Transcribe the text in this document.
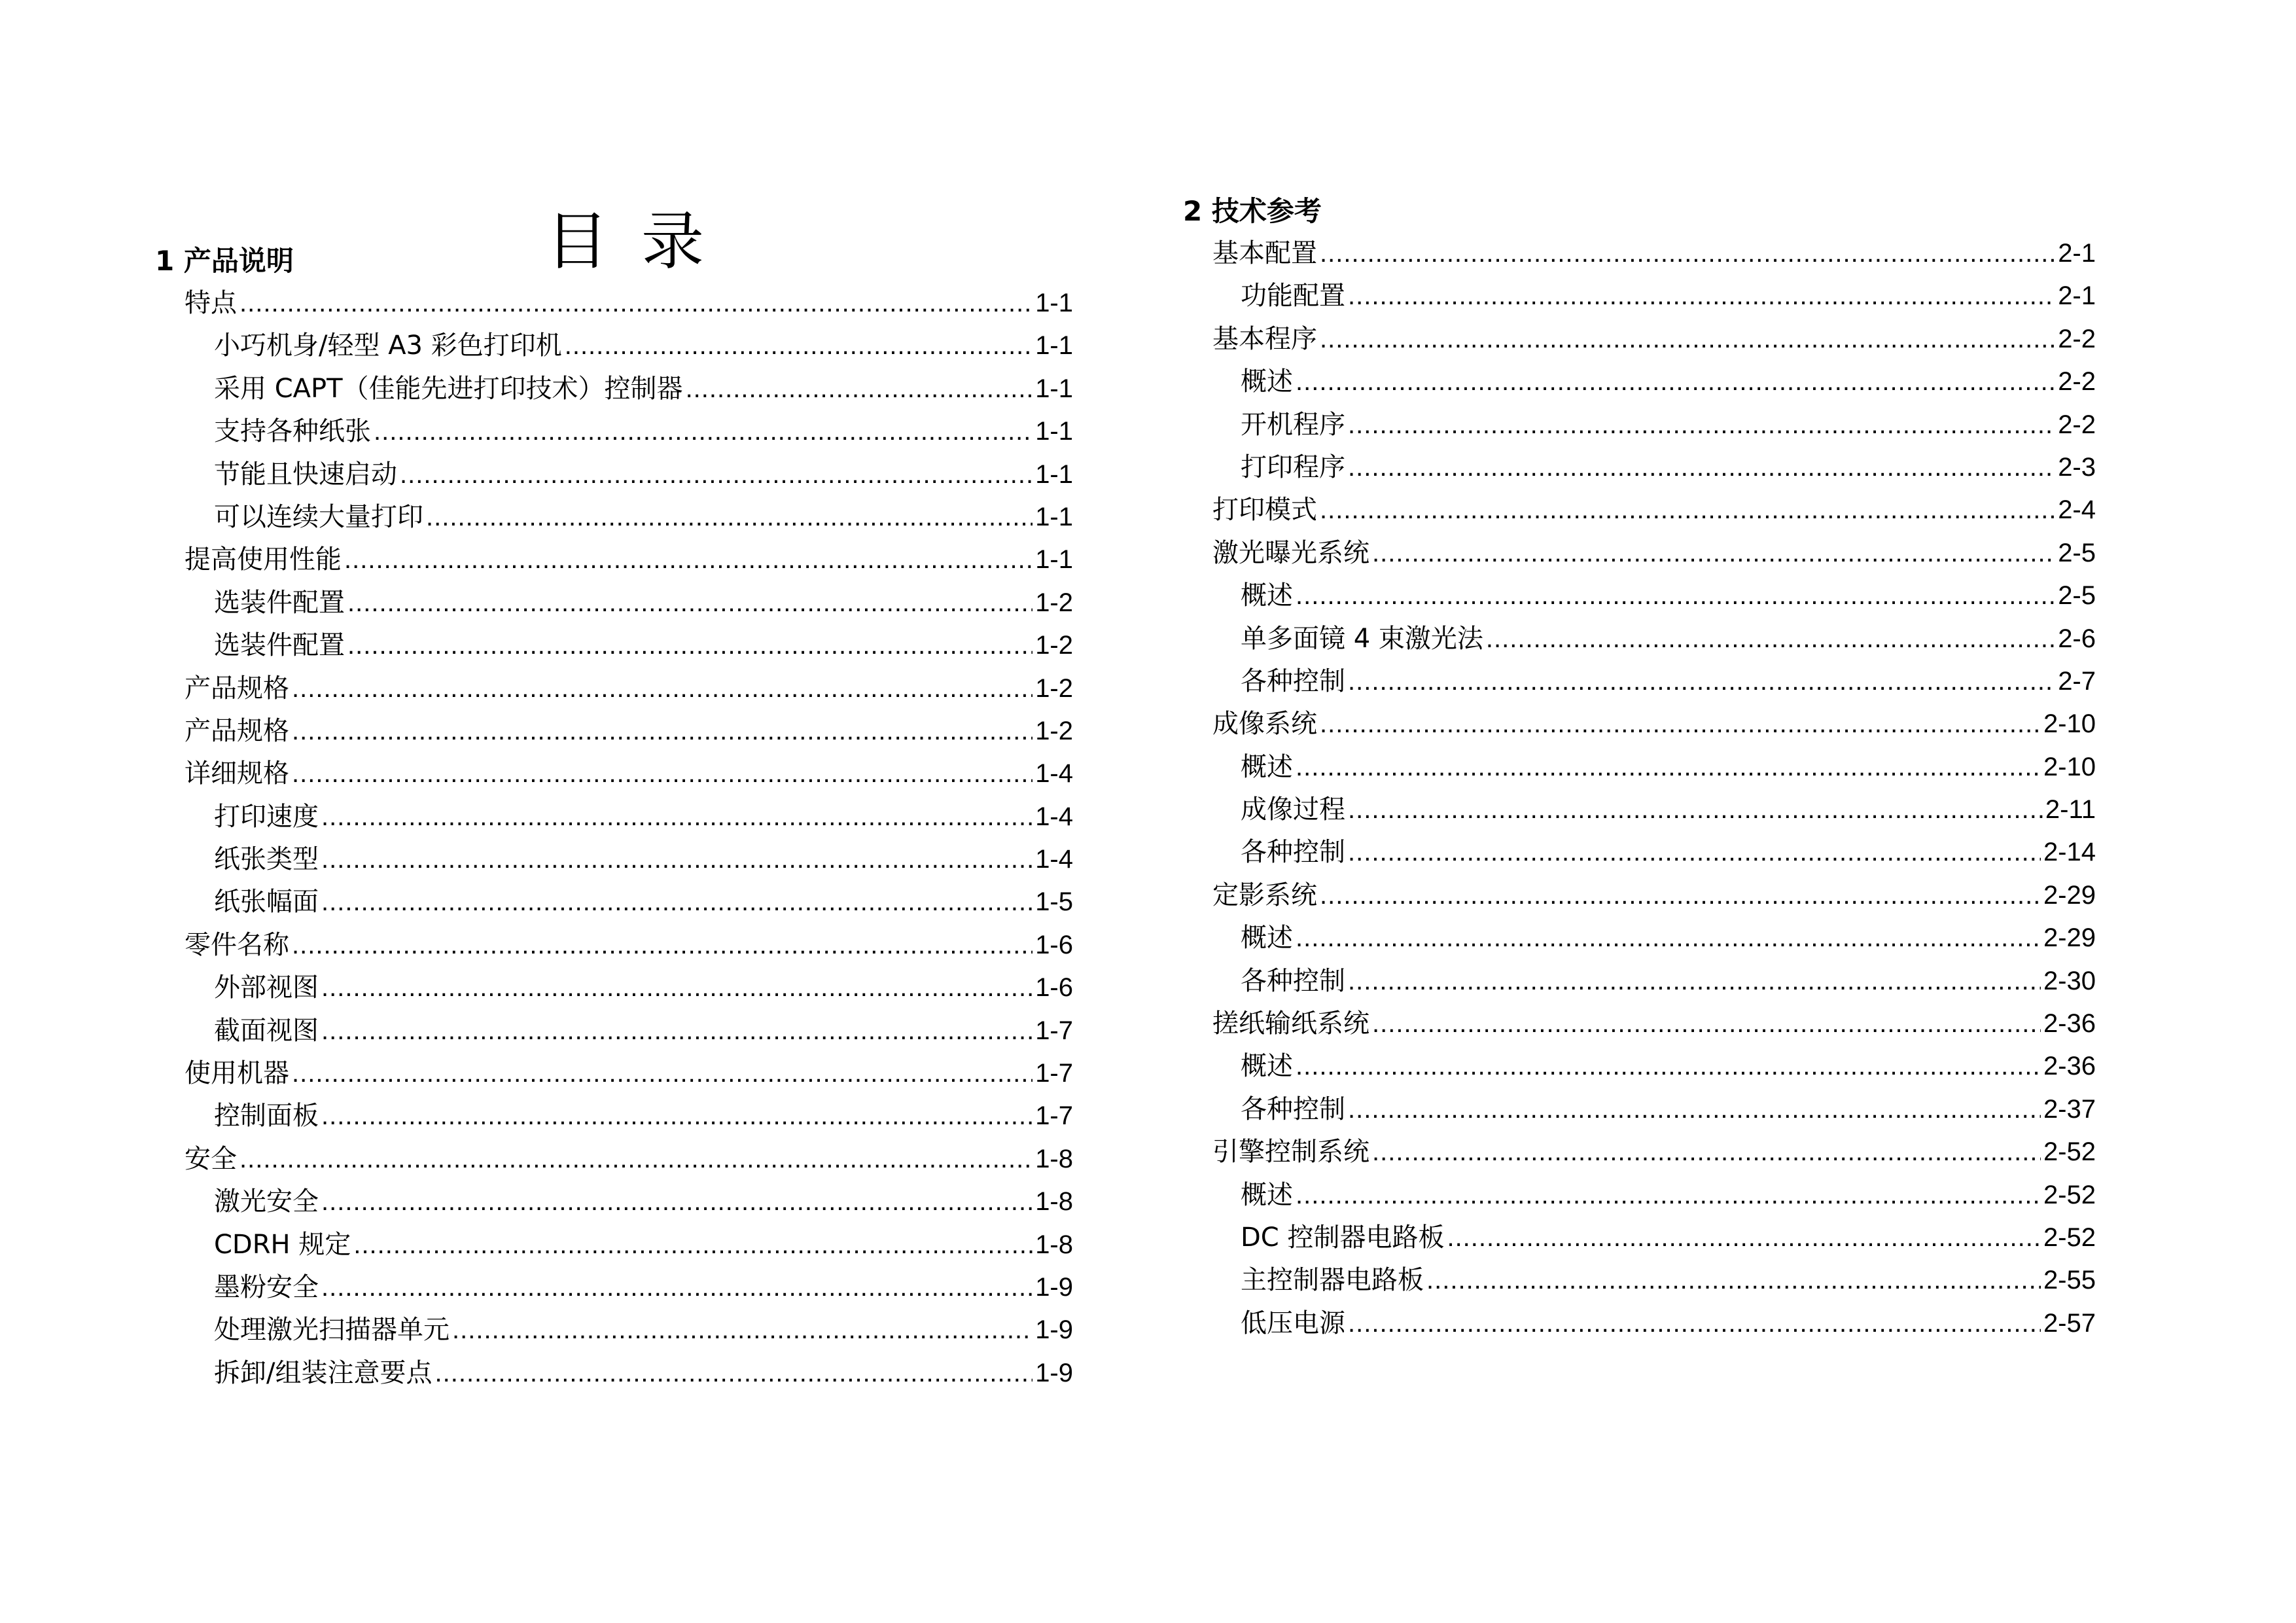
目录
1 产品说明
特点 .....	1-1
小巧机身/轻型 A3 彩色打印机 .....	1-1
采用 CAPT（佳能先进打印技术）控制器 .....	1-1
支持各种纸张 .....	1-1
节能且快速启动 .....	1-1
可以连续大量打印 .....	1-1
提高使用性能 .....	1-1
选装件配置 .....	1-2
选装件配置 .....	1-2
产品规格 .....	1-2
产品规格 .....	1-2
详细规格 .....	1-4
打印速度 .....	1-4
纸张类型 .....	1-4
纸张幅面 .....	1-5
零件名称 .....	1-6
外部视图 .....	1-6
截面视图 .....	1-7
使用机器 .....	1-7
控制面板 .....	1-7
安全 .....	1-8
激光安全 .....	1-8
CDRH 规定 .....	1-8
墨粉安全 .....	1-9
处理激光扫描器单元 .....	1-9
拆卸/组装注意要点 .....	1-9
2 技术参考
基本配置 .....	2-1
功能配置 .....	2-1
基本程序 .....	2-2
概述 .....	2-2
开机程序 .....	2-2
打印程序 .....	2-3
打印模式 .....	2-4
激光曝光系统 .....	2-5
概述 .....	2-5
单多面镜 4 束激光法 .....	2-6
各种控制 .....	2-7
成像系统 .....	2-10
概述 .....	2-10
成像过程 .....	2-11
各种控制 .....	2-14
定影系统 .....	2-29
概述 .....	2-29
各种控制 .....	2-30
搓纸输纸系统 .....	2-36
概述 .....	2-36
各种控制 .....	2-37
引擎控制系统 .....	2-52
概述 .....	2-52
DC 控制器电路板 .....	2-52
主控制器电路板 .....	2-55
低压电源 .....	2-57
